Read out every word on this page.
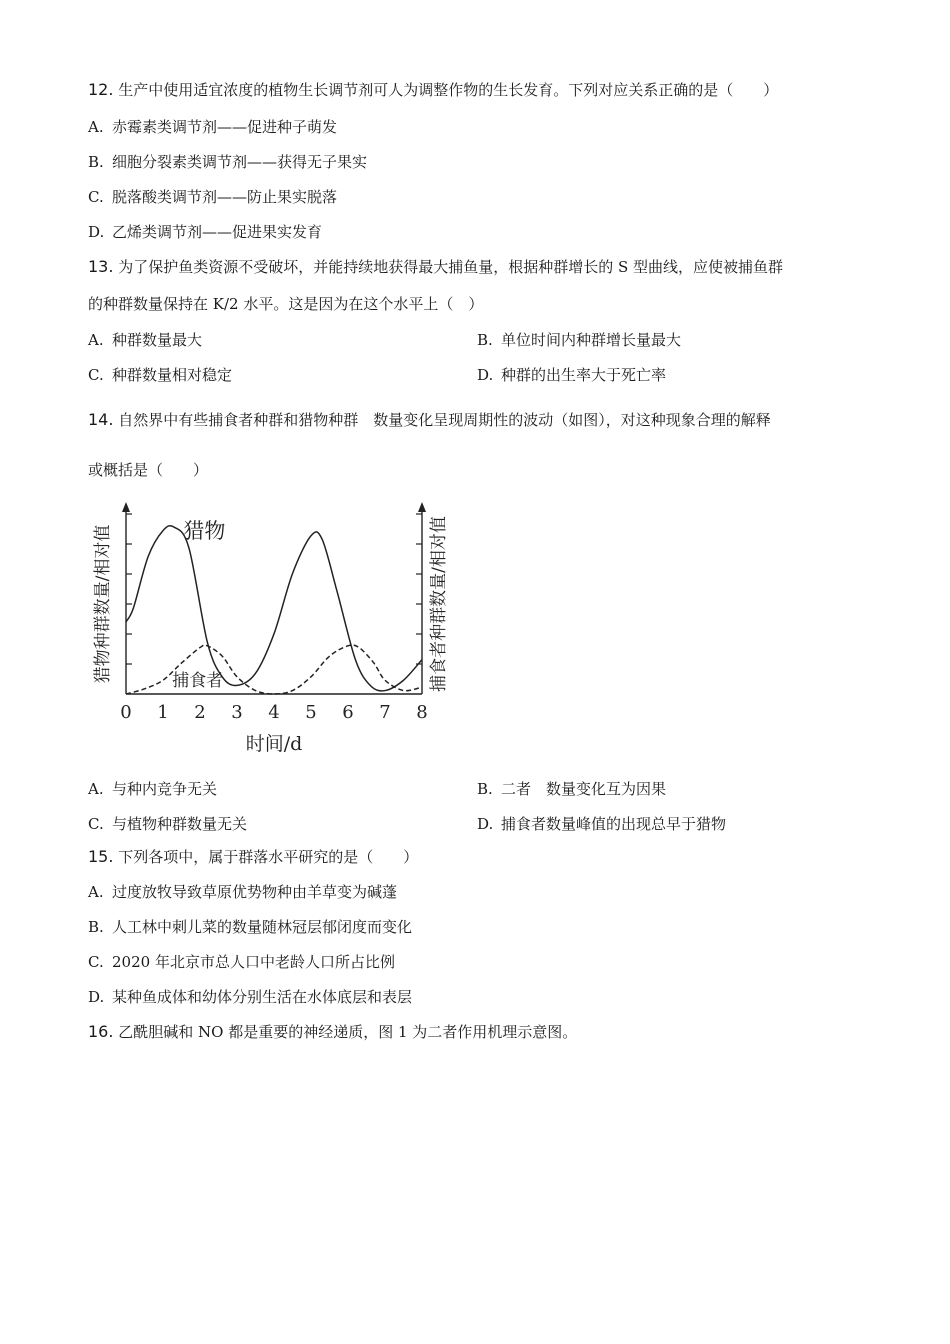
12. 生产中使用适宜浓度的植物生长调节剂可人为调整作物的生长发育。下列对应关系正确的是（　　）
A. 赤霉素类调节剂——促进种子萌发
B. 细胞分裂素类调节剂——获得无子果实
C. 脱落酸类调节剂——防止果实脱落
D. 乙烯类调节剂——促进果实发育
13. 为了保护鱼类资源不受破坏，并能持续地获得最大捕鱼量，根据种群增长的 S 型曲线，应使被捕鱼群
的种群数量保持在 K/2 水平。这是因为在这个水平上（　）
A. 种群数量最大	B. 单位时间内种群增长量最大
C. 种群数量相对稳定	D. 种群的出生率大于死亡率
14. 自然界中有些捕食者种群和猎物种群　数量变化呈现周期性的波动（如图），对这种现象合理的解释
或概括是（　　）
0 1 2 3 4 5 6 7 8
时间/d
猎物种群数量/相对值	捕食者种群数量/相对值
猎物
捕食者
A. 与种内竞争无关	B. 二者　数量变化互为因果
C. 与植物种群数量无关	D. 捕食者数量峰值的出现总早于猎物
15. 下列各项中，属于群落水平研究的是（　　）
A. 过度放牧导致草原优势物种由羊草变为碱蓬
B. 人工林中刺儿菜的数量随林冠层郁闭度而变化
C. 2020 年北京市总人口中老龄人口所占比例
D. 某种鱼成体和幼体分别生活在水体底层和表层
16. 乙酰胆碱和 NO 都是重要的神经递质，图 1 为二者作用机理示意图。
